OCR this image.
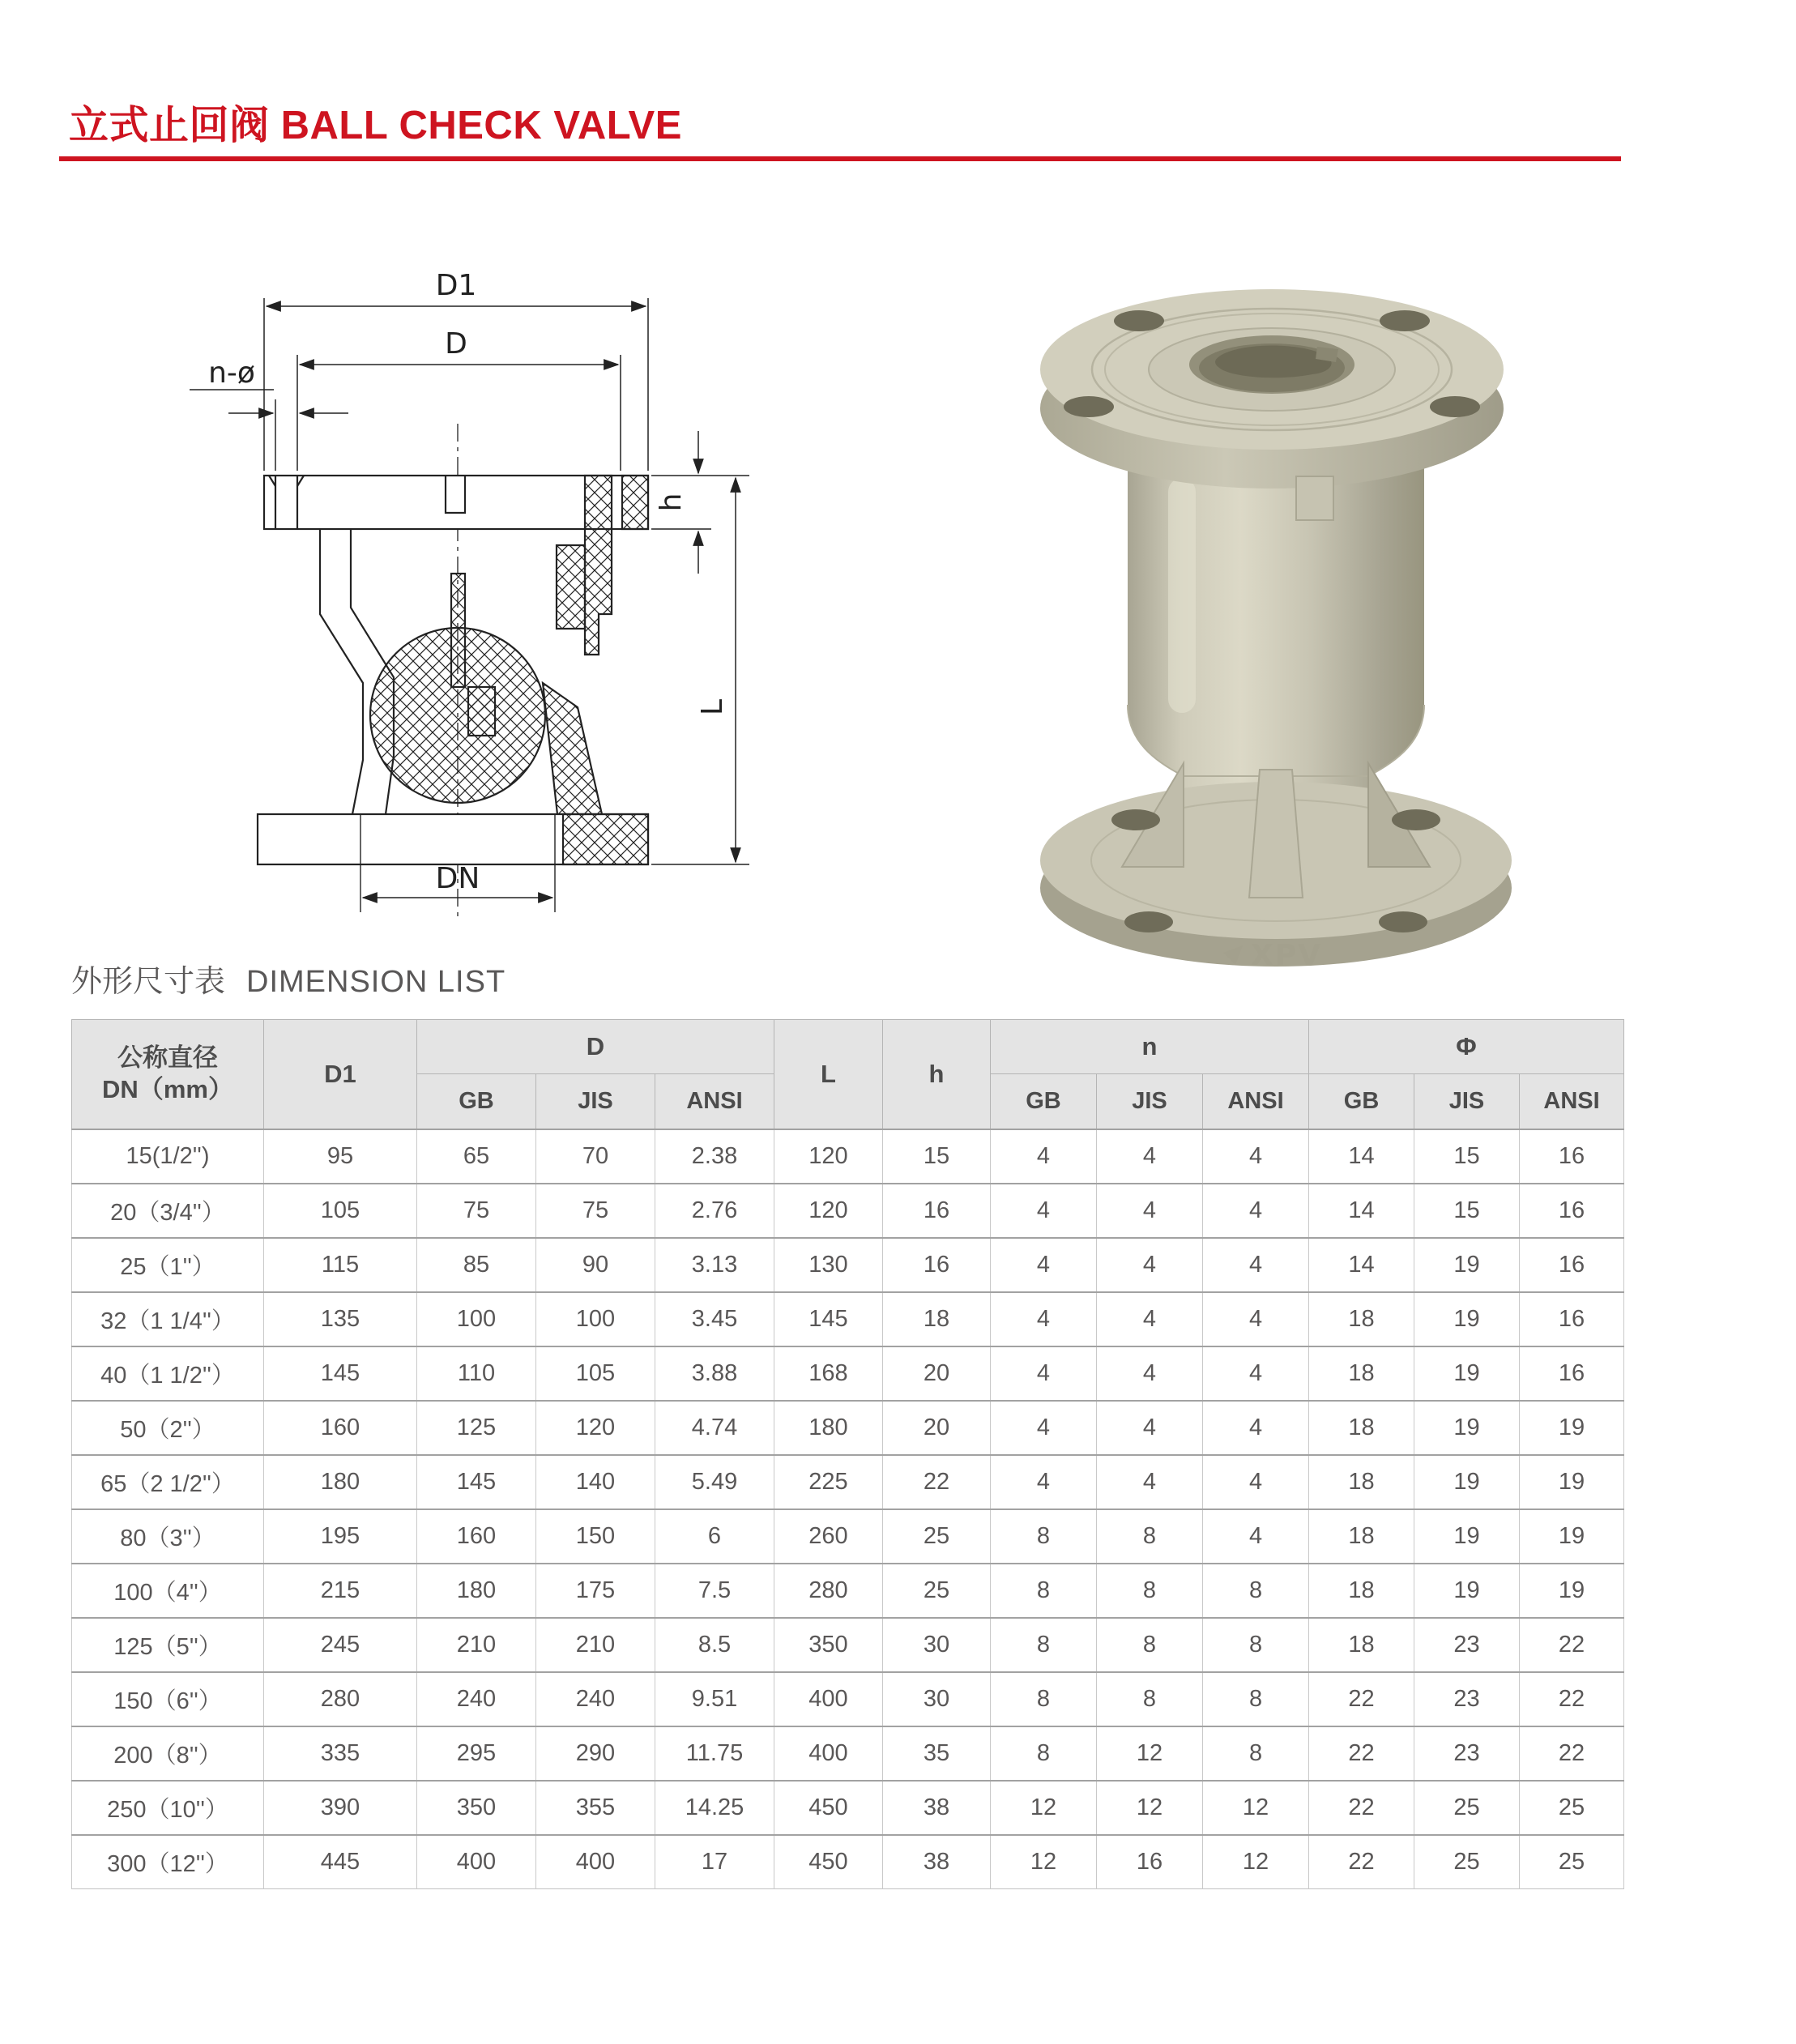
立式止回阀 BALL CHECK VALVE
D1
D
n-ø
h
L
DN
XPV
外形尺寸表 DIMENSION LIST
公称直径
DN（mm）	D1	D			L	h	n			Φ		
		GB	JIS	ANSI			GB	JIS	ANSI	GB	JIS	ANSI
15(1/2'')	95	65	70	2.38	120	15	4	4	4	14	15	16
20（3/4''）	105	75	75	2.76	120	16	4	4	4	14	15	16
25（1''）	115	85	90	3.13	130	16	4	4	4	14	19	16
32（1 1/4''）	135	100	100	3.45	145	18	4	4	4	18	19	16
40（1 1/2''）	145	110	105	3.88	168	20	4	4	4	18	19	16
50（2''）	160	125	120	4.74	180	20	4	4	4	18	19	19
65（2 1/2''）	180	145	140	5.49	225	22	4	4	4	18	19	19
80（3''）	195	160	150	6	260	25	8	8	4	18	19	19
100（4''）	215	180	175	7.5	280	25	8	8	8	18	19	19
125（5''）	245	210	210	8.5	350	30	8	8	8	18	23	22
150（6''）	280	240	240	9.51	400	30	8	8	8	22	23	22
200（8''）	335	295	290	11.75	400	35	8	12	8	22	23	22
250（10''）	390	350	355	14.25	450	38	12	12	12	22	25	25
300（12''）	445	400	400	17	450	38	12	16	12	22	25	25
